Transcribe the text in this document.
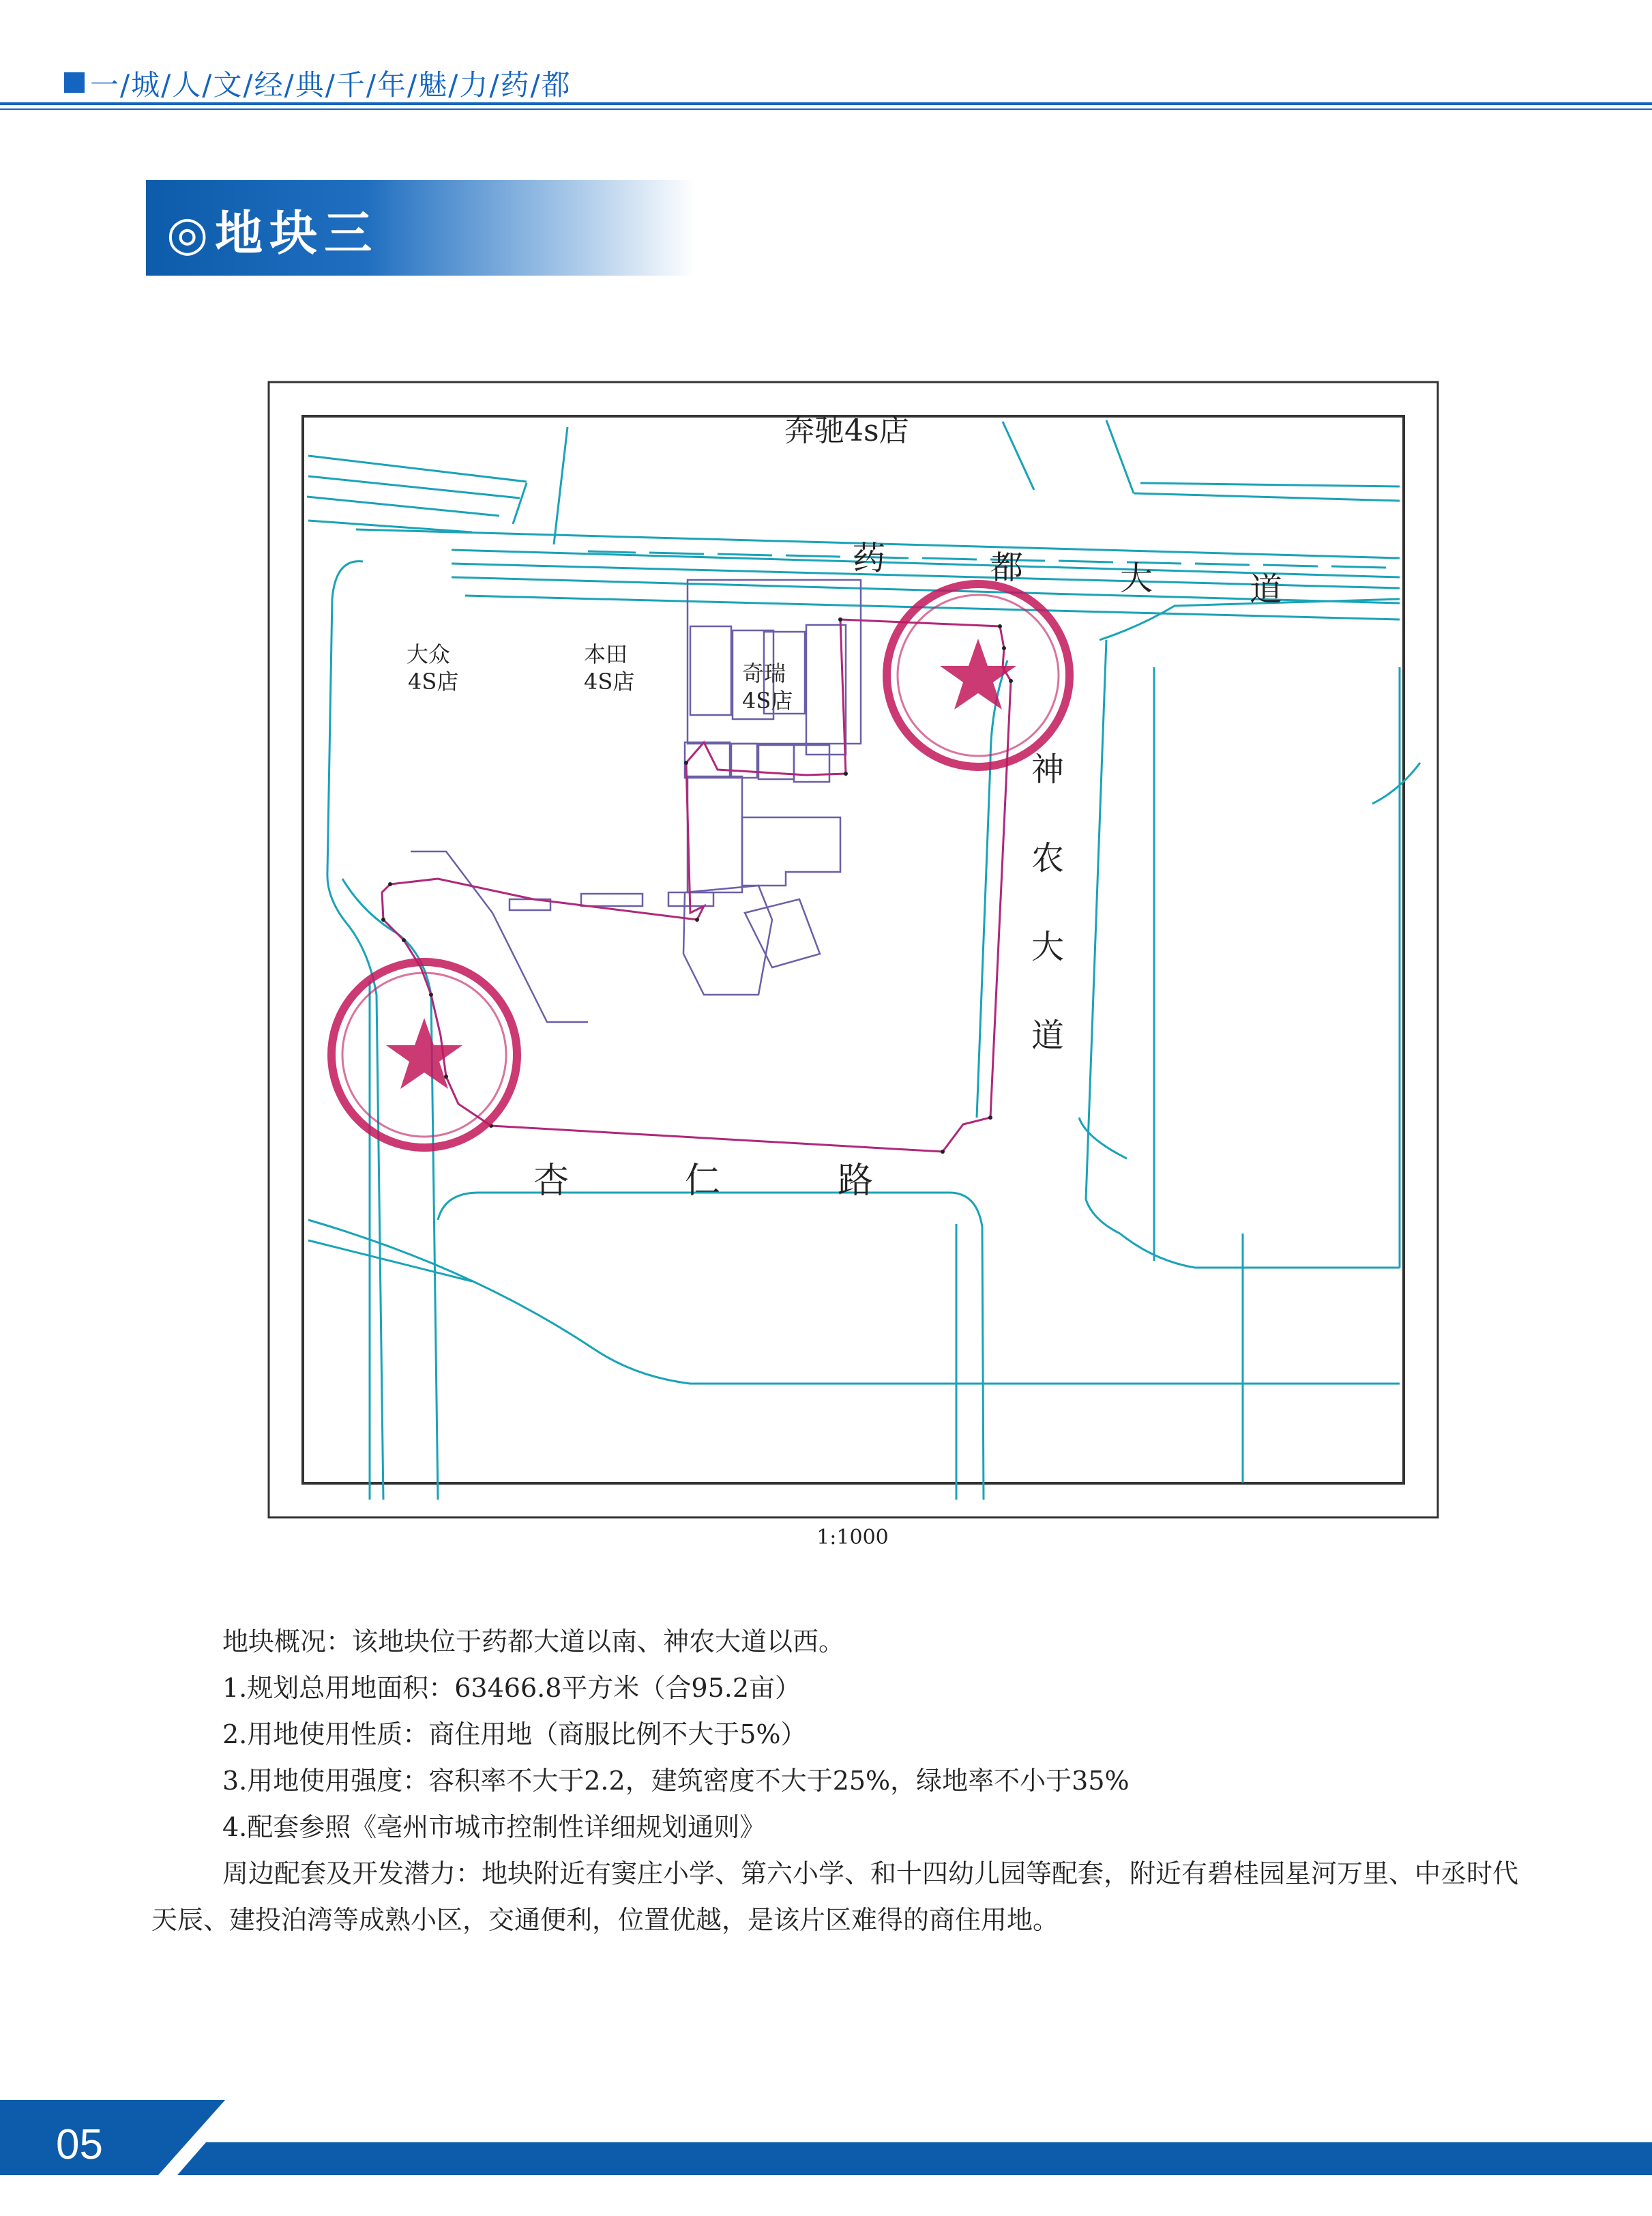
一/城/人/文/经/典/千/年/魅/力/药/都
◎地块三
奔驰4s店
药	都	大	道
神
农
大
道
杏	仁	路
大众
4S店
本田
4S店	奇瑞
4S店
1:1000

地块概况：该地块位于药都大道以南、神农大道以西。

1.规划总用地面积：63466.8平方米（合95.2亩）

2.用地使用性质：商住用地（商服比例不大于5%）

3.用地使用强度：容积率不大于2.2，建筑密度不大于25%，绿地率不小于35%

4.配套参照《亳州市城市控制性详细规划通则》

周边配套及开发潜力：地块附近有窦庄小学、第六小学、和十四幼儿园等配套，附近有碧桂园星河万里、中丞时代天辰、建投泊湾等成熟小区，交通便利，位置优越，是该片区难得的商住用地。

05
